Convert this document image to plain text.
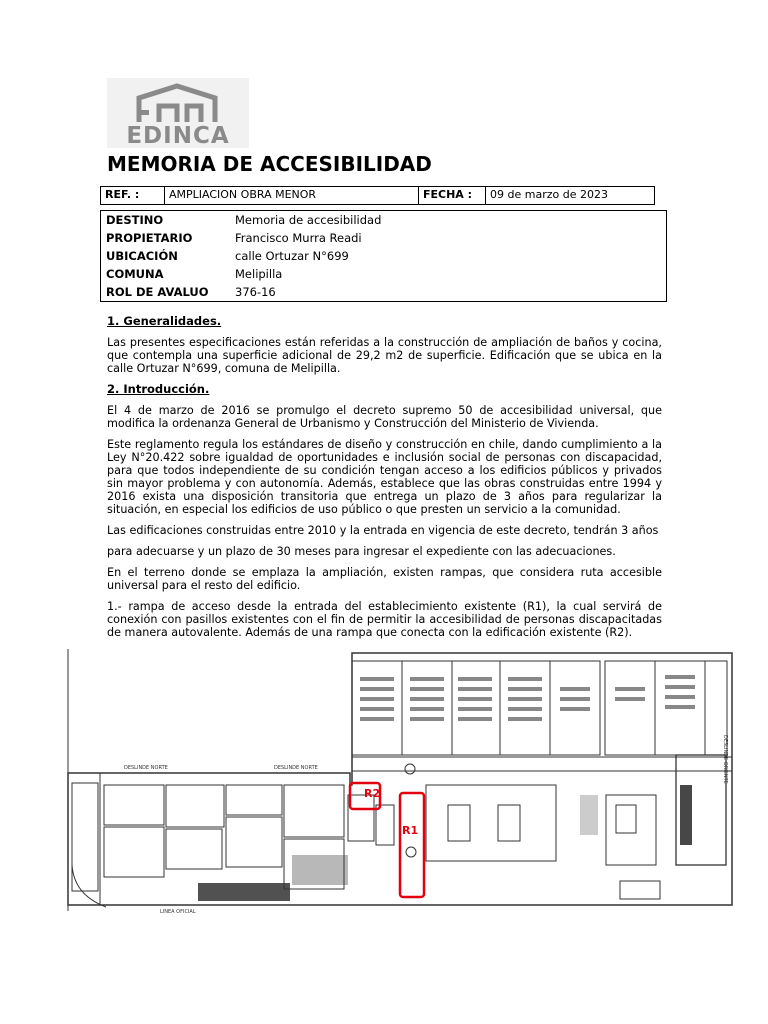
EDINCA
MEMORIA DE ACCESIBILIDAD
REF. :	AMPLIACION OBRA MENOR	FECHA :	09 de marzo de 2023
DESTINO	Memoria de accesibilidad
PROPIETARIO	Francisco Murra Readi
UBICACIÓN	calle Ortuzar N°699
COMUNA	Melipilla
ROL DE AVALUO	376-16
1. Generalidades.

Las presentes especificaciones están referidas a la construcción de ampliación de baños y cocina, que contempla una superficie adicional de 29,2 m2 de superficie. Edificación que se ubica en la calle Ortuzar N°699, comuna de Melipilla.

2. Introducción.

El 4 de marzo de 2016 se promulgo el decreto supremo 50 de accesibilidad universal, que modifica la ordenanza General de Urbanismo y Construcción del Ministerio de Vivienda.

Este reglamento regula los estándares de diseño y construcción en chile, dando cumplimiento a la Ley N°20.422 sobre igualdad de oportunidades e inclusión social de personas con discapacidad, para que todos independiente de su condición tengan acceso a los edificios públicos y privados sin mayor problema y con autonomía. Además, establece que las obras construidas entre 1994 y 2016 exista una disposición transitoria que entrega un plazo de 3 años para regularizar la situación, en especial los edificios de uso público o que presten un servicio a la comunidad.

Las edificaciones construidas entre 2010 y la entrada en vigencia de este decreto, tendrán 3 años

para adecuarse y un plazo de 30 meses para ingresar el expediente con las adecuaciones.

En el terreno donde se emplaza la ampliación, existen rampas, que considera ruta accesible universal para el resto del edificio.

1.- rampa de acceso desde la entrada del establecimiento existente (R1), la cual servirá de conexión con pasillos existentes con el fin de permitir la accesibilidad de personas discapacitadas de manera autovalente. Además de una rampa que conecta con la edificación existente (R2).

DESLINDE NORTE	DESLINDE NORTE
LINEA OFICIAL
DESLINDE ORIENTE
R2
R1
